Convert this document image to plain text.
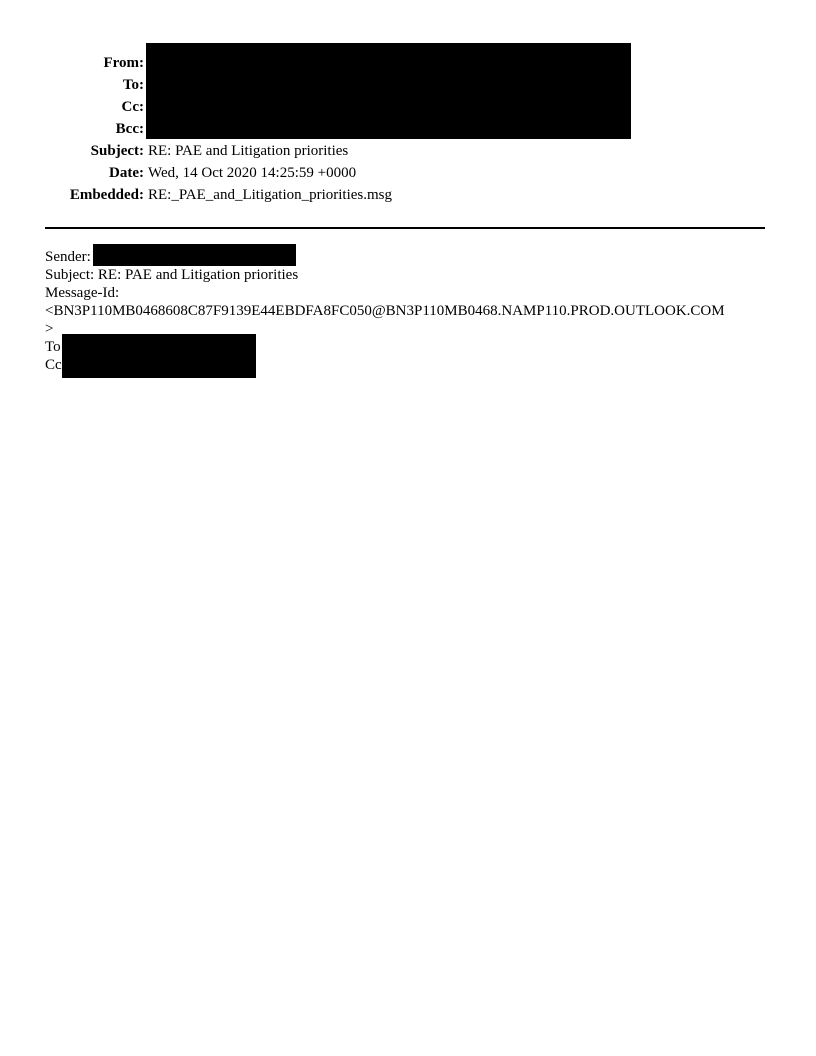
From:
To:
Cc:
Bcc:
Subject: RE: PAE and Litigation priorities
Date: Wed, 14 Oct 2020 14:25:59 +0000
Embedded: RE:_PAE_and_Litigation_priorities.msg
Sender:
Subject: RE: PAE and Litigation priorities
Message-Id:
<BN3P110MB0468608C87F9139E44EBDFA8FC050@BN3P110MB0468.NAMP110.PROD.OUTLOOK.COM
>
To
Cc
